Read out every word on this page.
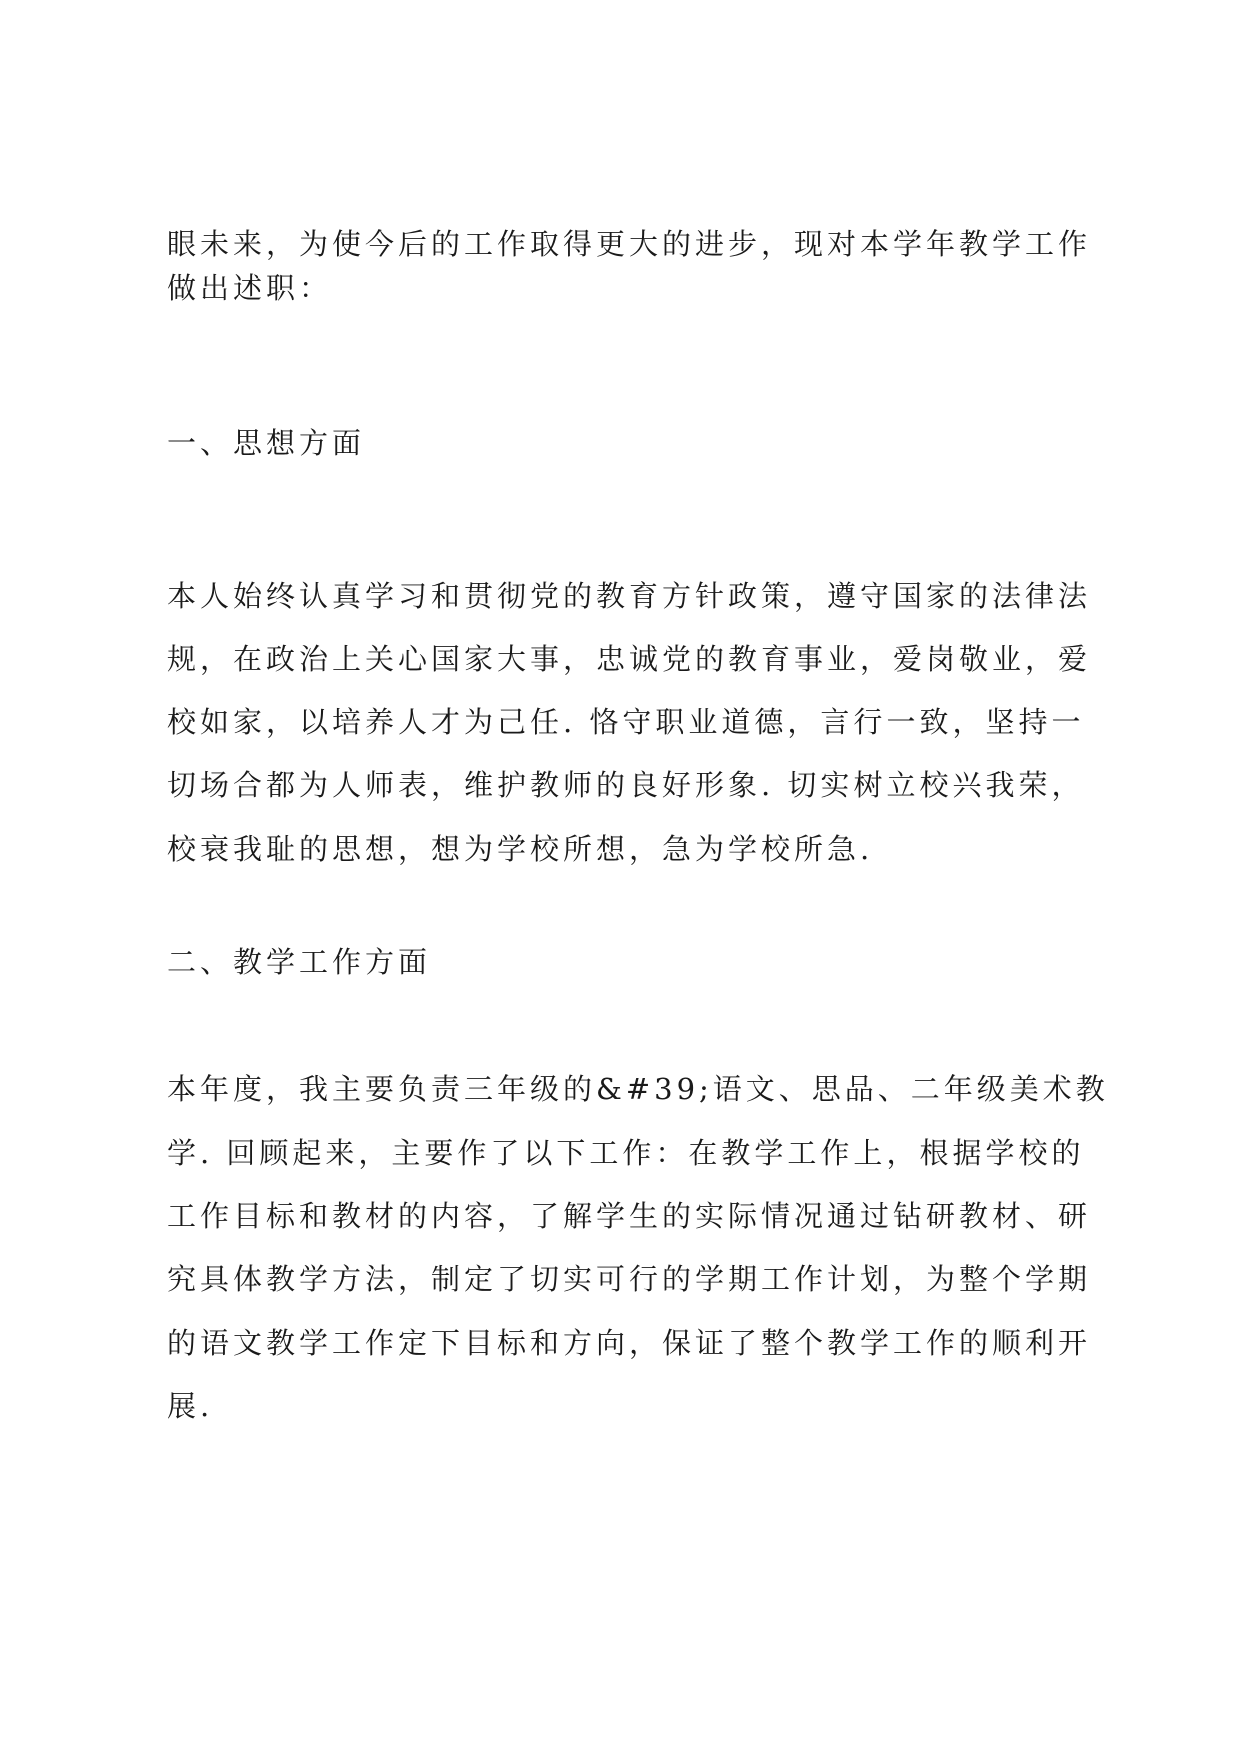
眼未来，为使今后的工作取得更大的进步，现对本学年教学工作
做出述职：
一、思想方面
本人始终认真学习和贯彻党的教育方针政策，遵守国家的法律法
规，在政治上关心国家大事，忠诚党的教育事业，爱岗敬业，爱
校如家，以培养人才为己任. 恪守职业道德，言行一致，坚持一
切场合都为人师表，维护教师的良好形象. 切实树立校兴我荣，
校衰我耻的思想，想为学校所想，急为学校所急.
二、教学工作方面
本年度，我主要负责三年级的&#39;语文、思品、二年级美术教
学. 回顾起来，主要作了以下工作：在教学工作上，根据学校的
工作目标和教材的内容，了解学生的实际情况通过钻研教材、研
究具体教学方法，制定了切实可行的学期工作计划，为整个学期
的语文教学工作定下目标和方向，保证了整个教学工作的顺利开
展.
